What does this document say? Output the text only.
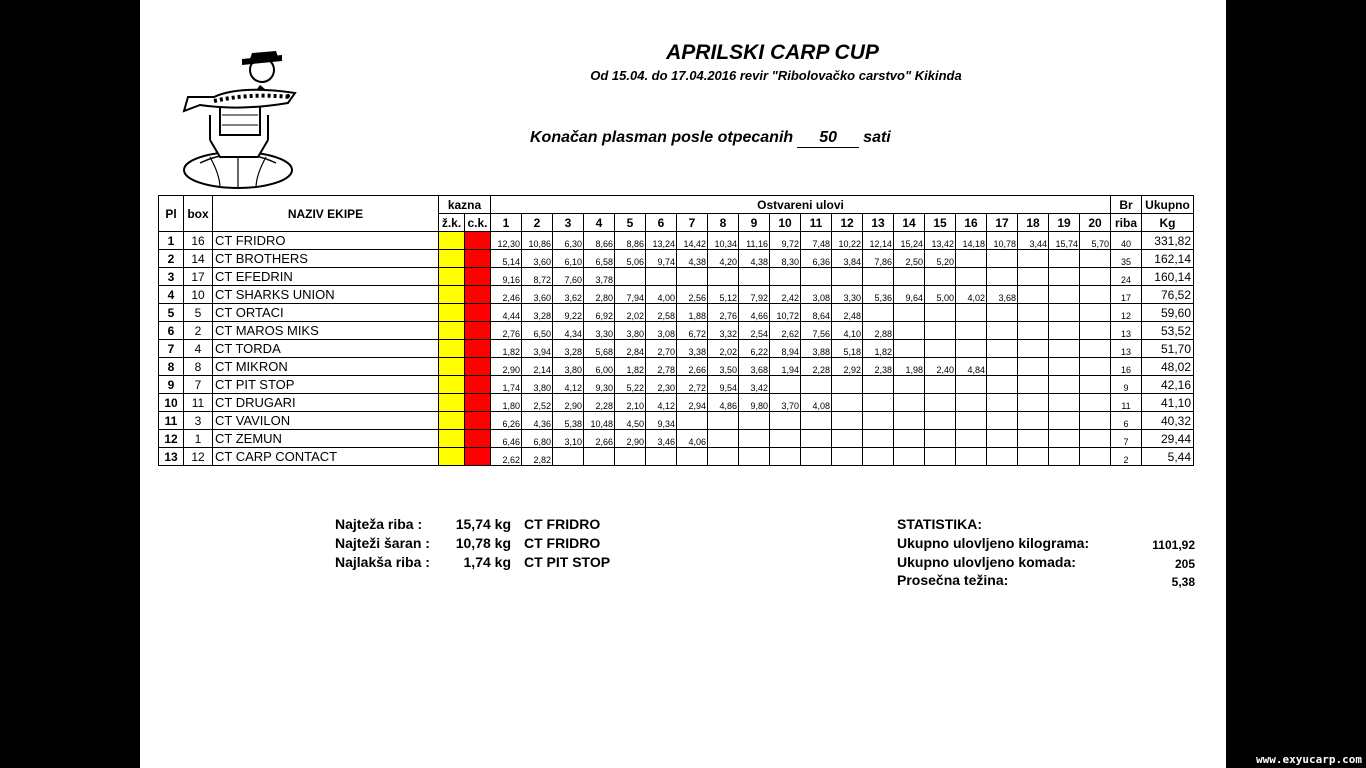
APRILSKI CARP CUP
Od 15.04. do 17.04.2016 revir "Ribolovačko carstvo" Kikinda
Konačan plasman posle otpecanih 50 sati
Pl	box	NAZIV EKIPE	kazna		Ostvareni ulovi																				Br	Ukupno
			ž.k.	c.k.	1	2	3	4	5	6	7	8	9	10	11	12	13	14	15	16	17	18	19	20	riba	Kg
1	16	CT FRIDRO			12,30	10,86	6,30	8,66	8,86	13,24	14,42	10,34	11,16	9,72	7,48	10,22	12,14	15,24	13,42	14,18	10,78	3,44	15,74	5,70	40	331,82
2	14	CT BROTHERS			5,14	3,60	6,10	6,58	5,06	9,74	4,38	4,20	4,38	8,30	6,36	3,84	7,86	2,50	5,20						35	162,14
3	17	CT EFEDRIN			9,16	8,72	7,60	3,78																	24	160,14
4	10	CT SHARKS UNION			2,46	3,60	3,62	2,80	7,94	4,00	2,56	5,12	7,92	2,42	3,08	3,30	5,36	9,64	5,00	4,02	3,68				17	76,52
5	5	CT ORTACI			4,44	3,28	9,22	6,92	2,02	2,58	1,88	2,76	4,66	10,72	8,64	2,48									12	59,60
6	2	CT MAROS MIKS			2,76	6,50	4,34	3,30	3,80	3,08	6,72	3,32	2,54	2,62	7,56	4,10	2,88								13	53,52
7	4	CT TORDA			1,82	3,94	3,28	5,68	2,84	2,70	3,38	2,02	6,22	8,94	3,88	5,18	1,82								13	51,70
8	8	CT MIKRON			2,90	2,14	3,80	6,00	1,82	2,78	2,66	3,50	3,68	1,94	2,28	2,92	2,38	1,98	2,40	4,84					16	48,02
9	7	CT PIT STOP			1,74	3,80	4,12	9,30	5,22	2,30	2,72	9,54	3,42												9	42,16
10	11	CT DRUGARI			1,80	2,52	2,90	2,28	2,10	4,12	2,94	4,86	9,80	3,70	4,08										11	41,10
11	3	CT VAVILON			6,26	4,36	5,38	10,48	4,50	9,34															6	40,32
12	1	CT ZEMUN			6,46	6,80	3,10	2,66	2,90	3,46	4,06														7	29,44
13	12	CT CARP CONTACT			2,62	2,82																			2	5,44
Najteža riba : 15,74 kg CT FRIDRO
Najteži šaran : 10,78 kg CT FRIDRO
Najlakša riba : 1,74 kg CT PIT STOP
STATISTIKA:
Ukupno ulovljeno kilograma:	1101,92
Ukupno ulovljeno komada:	205
Prosečna težina:	5,38
www.exyucarp.com
